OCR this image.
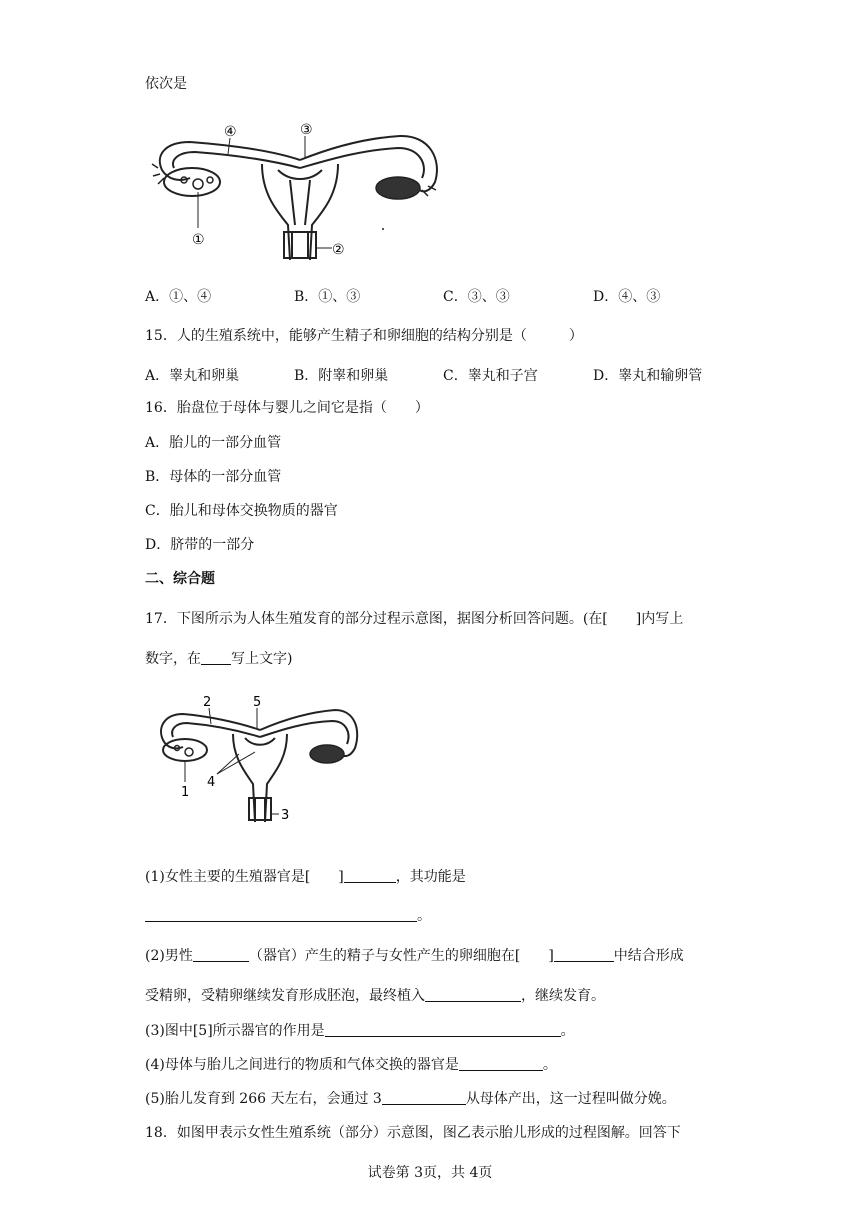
依次是
④	③
①
②
A．①、④	B．①、③	C．③、③	D．④、③
15．人的生殖系统中，能够产生精子和卵细胞的结构分别是（　　　）
A．睾丸和卵巢	B．附睾和卵巢	C．睾丸和子宫	D．睾丸和输卵管
16．胎盘位于母体与婴儿之间它是指（　　）
A．胎儿的一部分血管
B．母体的一部分血管
C．胎儿和母体交换物质的器官
D．脐带的一部分
二、综合题
17．下图所示为人体生殖发育的部分过程示意图，据图分析回答问题。(在[　　]内写上
数字，在 写上文字)
2	5
1
4
3
(1)女性主要的生殖器官是[ ]	，其功能是
。
(2)男性	（器官）产生的精子与女性产生的卵细胞在[ ]	中结合形成
受精卵，受精卵继续发育形成胚泡，最终植入	，继续发育。
(3)图中[5]所示器官的作用是	。
(4)母体与胎儿之间进行的物质和气体交换的器官是	。
(5)胎儿发育到 266 天左右，会通过 3	从母体产出，这一过程叫做分娩。
18．如图甲表示女性生殖系统（部分）示意图，图乙表示胎儿形成的过程图解。回答下
试卷第 3页，共 4页
